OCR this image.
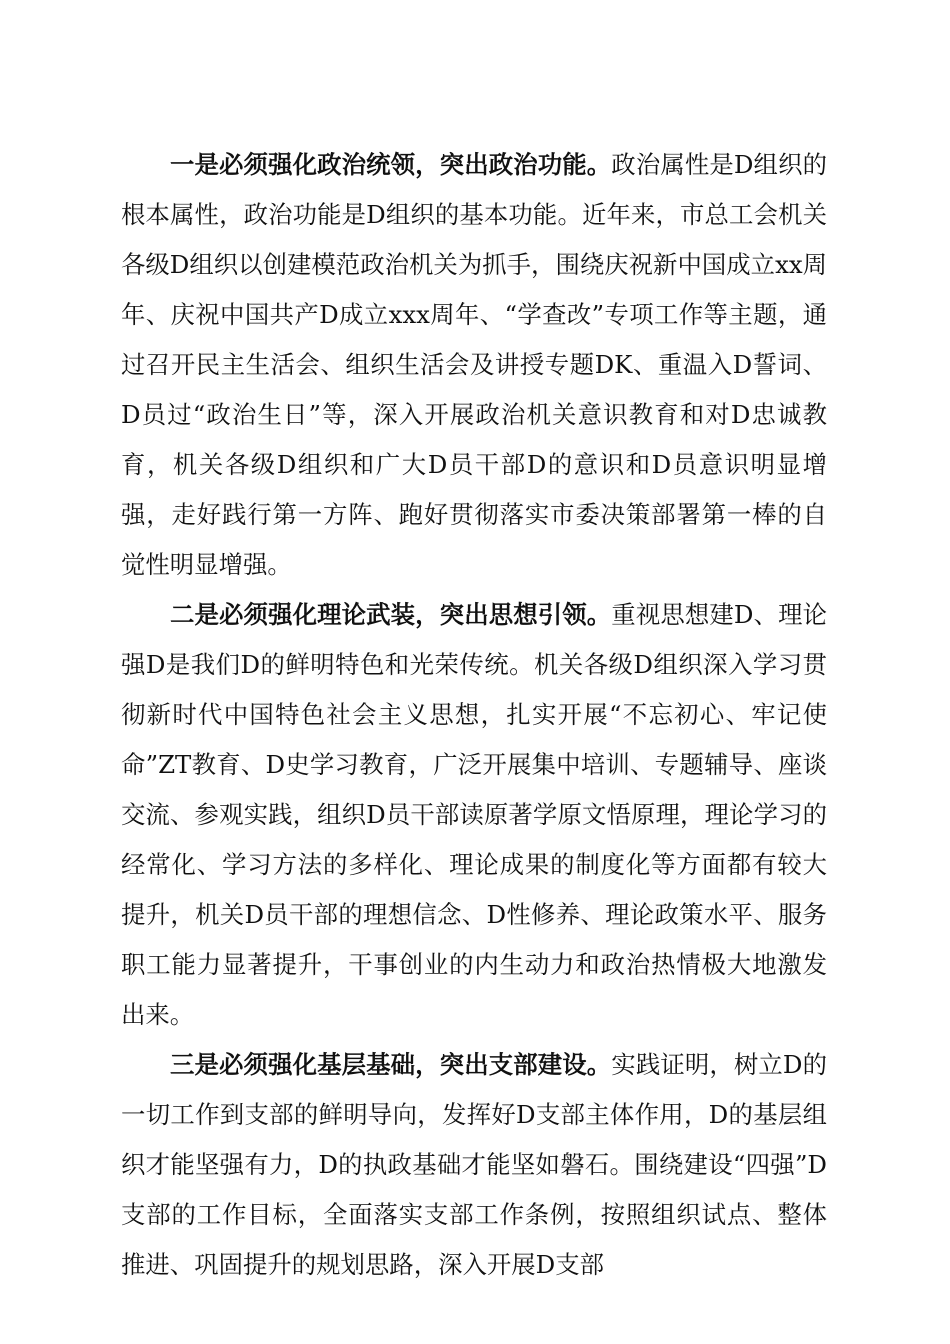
一是必须强化政治统领，突出政治功能。政治属性是D组织的根本属性，政治功能是D组织的基本功能。近年来，市总工会机关各级D组织以创建模范政治机关为抓手，围绕庆祝新中国成立xx周年、庆祝中国共产D成立xxx周年、“学查改”专项工作等主题，通过召开民主生活会、组织生活会及讲授专题DK、重温入D誓词、D员过“政治生日”等，深入开展政治机关意识教育和对D忠诚教育，机关各级D组织和广大D员干部D的意识和D员意识明显增强，走好践行第一方阵、跑好贯彻落实市委决策部署第一棒的自觉性明显增强。

二是必须强化理论武装，突出思想引领。重视思想建D、理论强D是我们D的鲜明特色和光荣传统。机关各级D组织深入学习贯彻新时代中国特色社会主义思想，扎实开展“不忘初心、牢记使命”ZT教育、D史学习教育，广泛开展集中培训、专题辅导、座谈交流、参观实践，组织D员干部读原著学原文悟原理，理论学习的经常化、学习方法的多样化、理论成果的制度化等方面都有较大提升，机关D员干部的理想信念、D性修养、理论政策水平、服务职工能力显著提升，干事创业的内生动力和政治热情极大地激发出来。

三是必须强化基层基础，突出支部建设。实践证明，树立D的一切工作到支部的鲜明导向，发挥好D支部主体作用，D的基层组织才能坚强有力，D的执政基础才能坚如磐石。围绕建设“四强”D支部的工作目标，全面落实支部工作条例，按照组织试点、整体推进、巩固提升的规划思路，深入开展D支部
